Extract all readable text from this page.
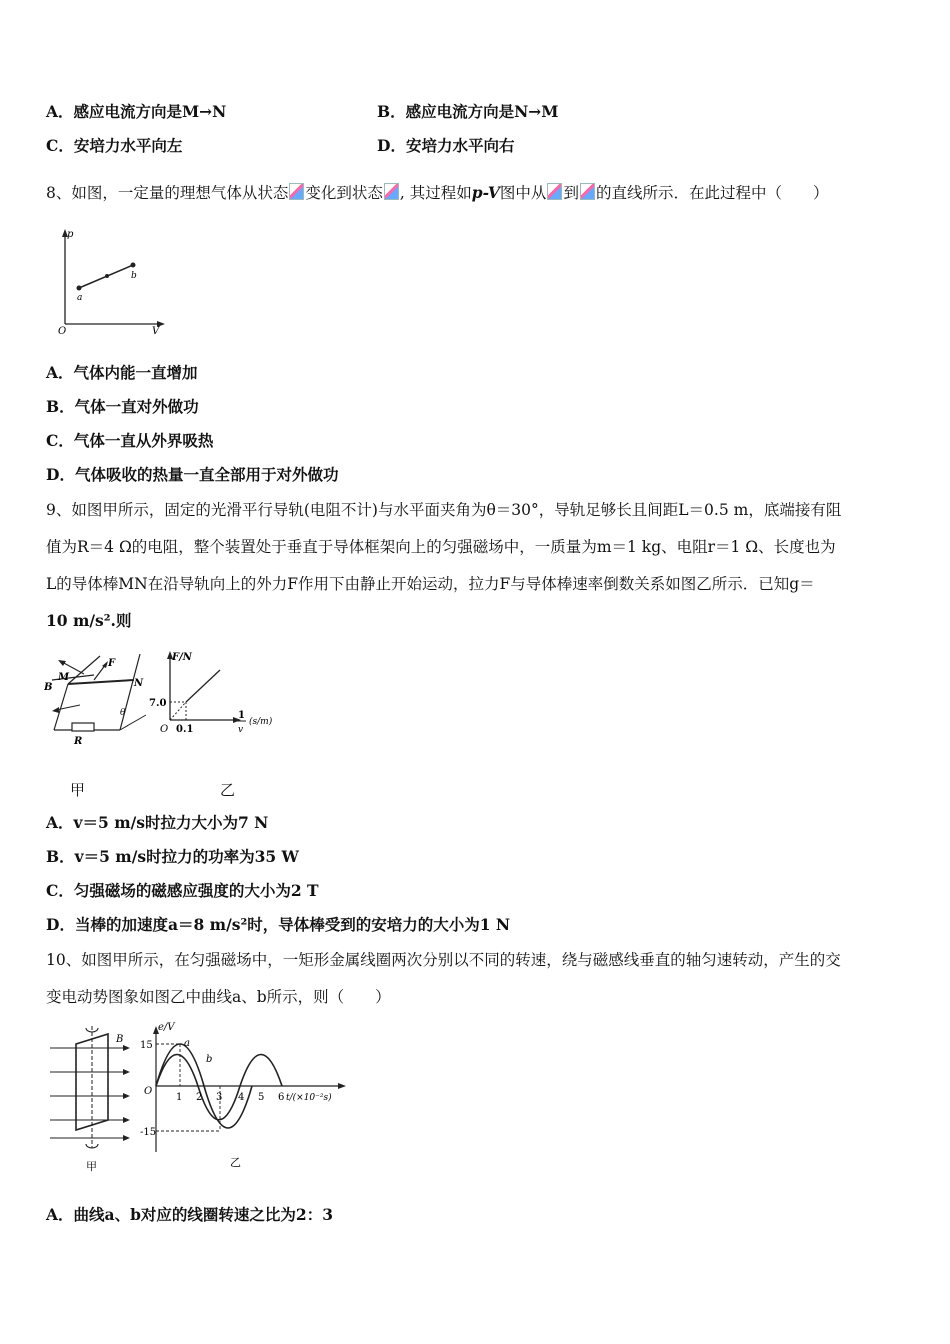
A．感应电流方向是M→N	B．感应电流方向是N→M
C．安培力水平向左	D．安培力水平向右
8、如图，一定量的理想气体从状态 变化到状态 , 其过程如p-V图中从 到 的直线所示．在此过程中（　　）
p
V
O
a
b
A．气体内能一直增加
B．气体一直对外做功
C．气体一直从外界吸热
D．气体吸收的热量一直全部用于对外做功
9、如图甲所示，固定的光滑平行导轨(电阻不计)与水平面夹角为θ＝30°，导轨足够长且间距L＝0.5 m，底端接有阻
值为R＝4 Ω的电阻，整个装置处于垂直于导体框架向上的匀强磁场中，一质量为m＝1 kg、电阻r＝1 Ω、长度也为
L的导体棒MN在沿导轨向上的外力F作用下由静止开始运动，拉力F与导体棒速率倒数关系如图乙所示．已知g＝
10 m/s².则
F
M
N
B
R
θ
F/N
7.0
0.1
O
1
v
(s/m)
甲	乙
A．v＝5 m/s时拉力大小为7 N
B．v＝5 m/s时拉力的功率为35 W
C．匀强磁场的磁感应强度的大小为2 T
D．当棒的加速度a＝8 m/s²时，导体棒受到的安培力的大小为1 N
10、如图甲所示，在匀强磁场中，一矩形金属线圈两次分别以不同的转速，绕与磁感线垂直的轴匀速转动，产生的交
变电动势图象如图乙中曲线a、b所示，则（　　）
B
甲
e/V
15
-15
O
1 2 3 4 5 6 t/(×10⁻²s)
a
b
乙
A．曲线a、b对应的线圈转速之比为2：3
